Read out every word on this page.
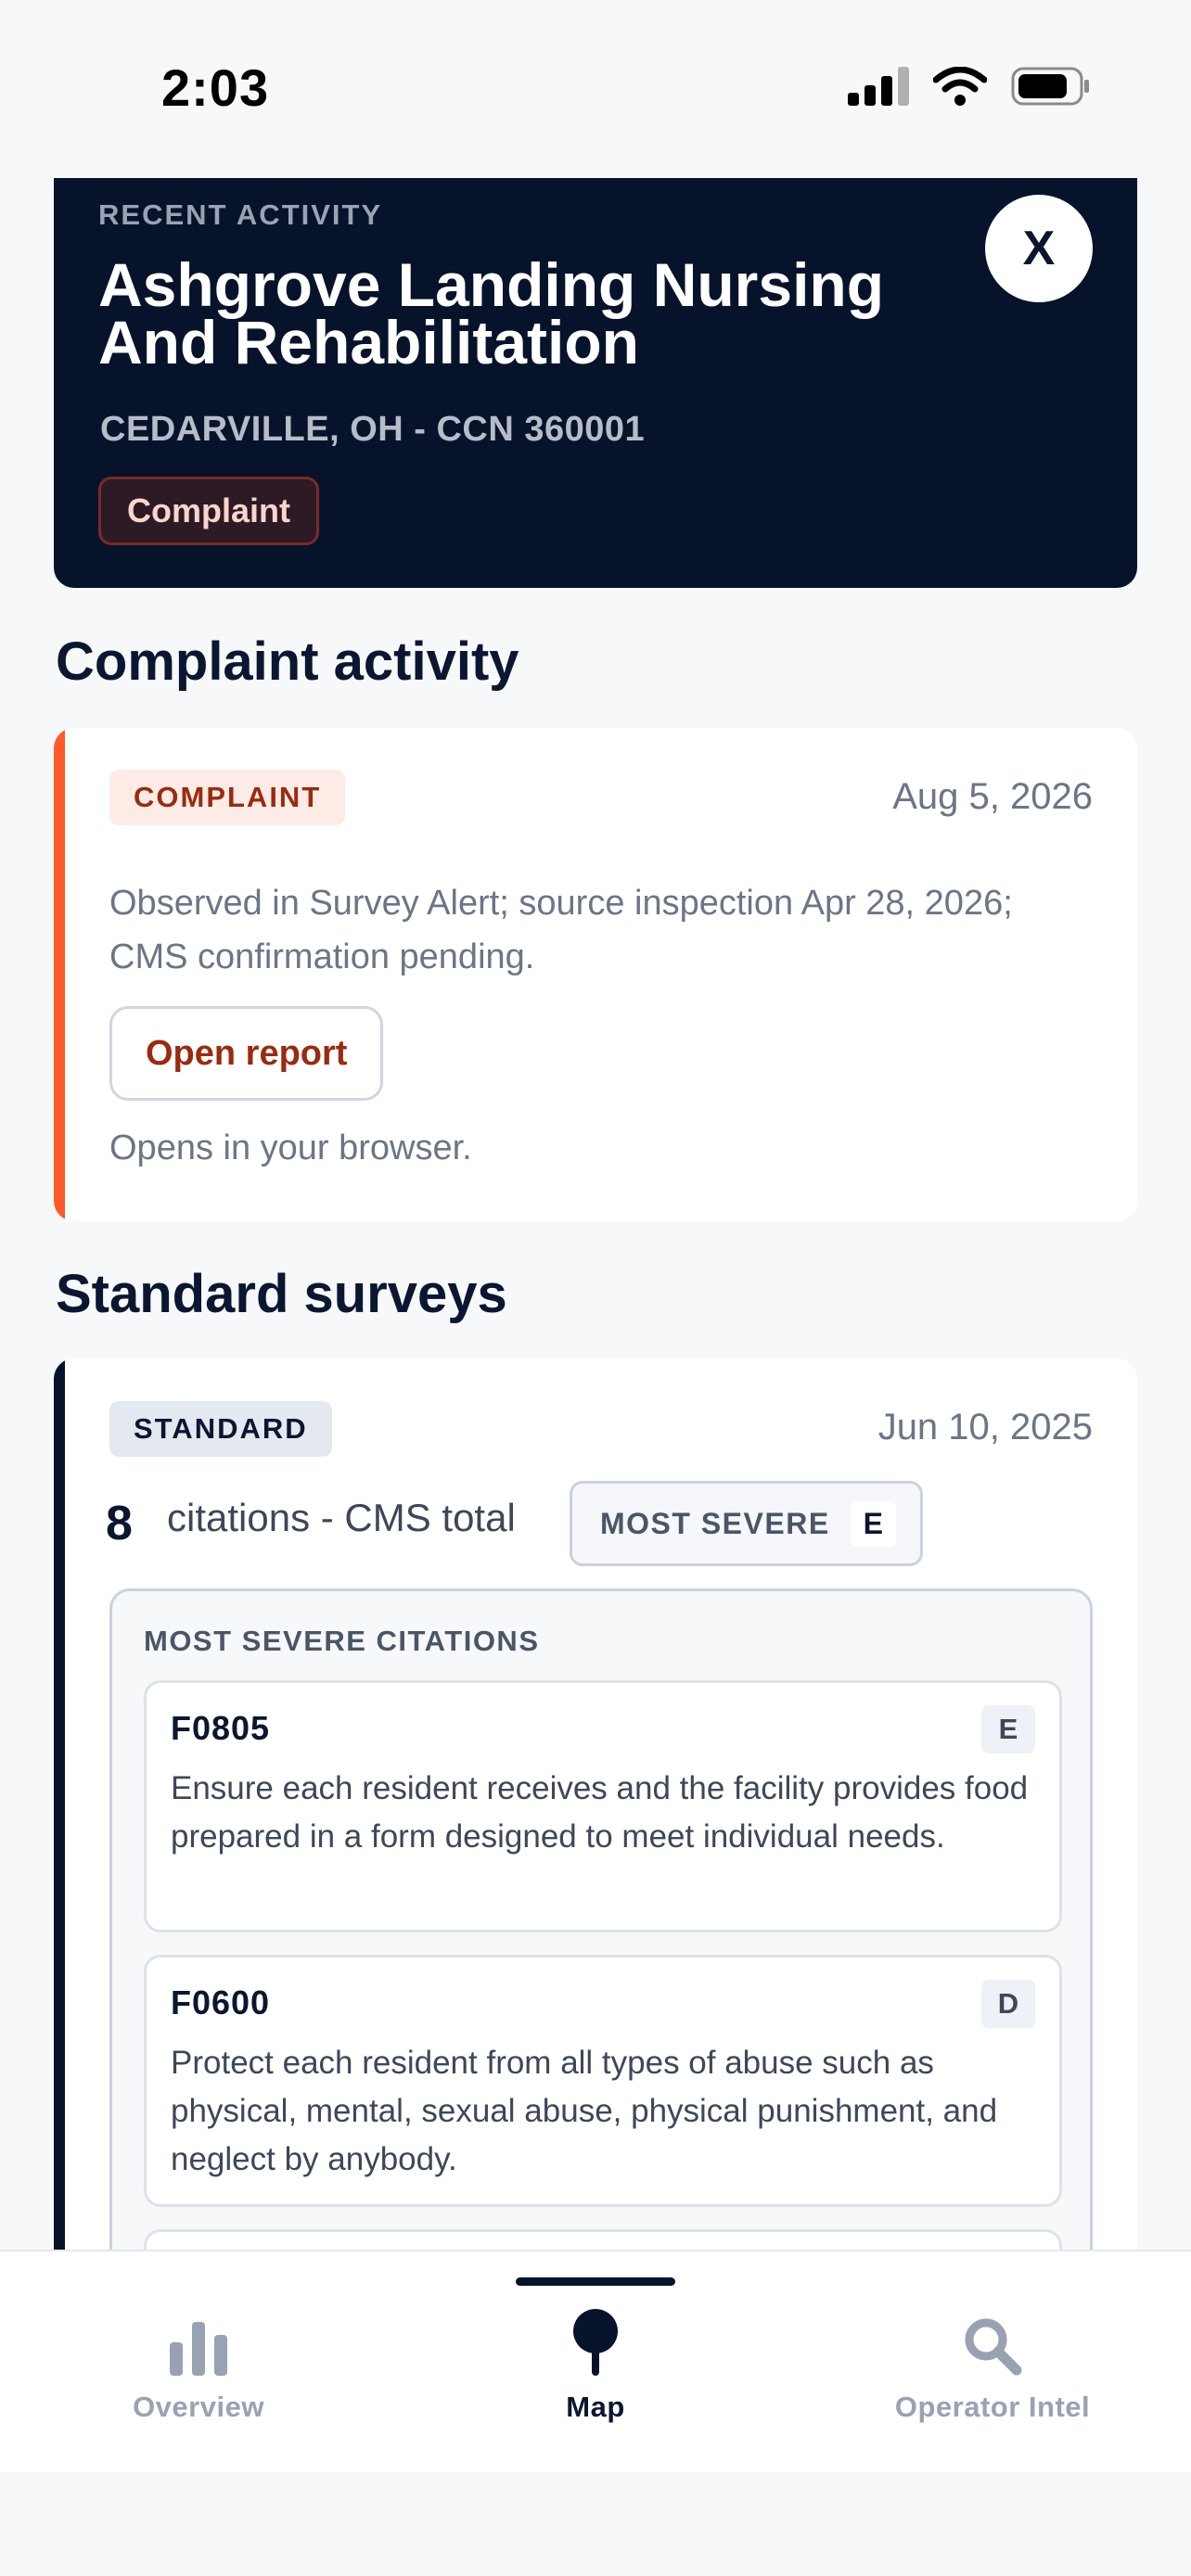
2:03
RECENT ACTIVITY
Ashgrove Landing Nursing And Rehabilitation
CEDARVILLE, OH - CCN 360001
Complaint
X
Complaint activity
COMPLAINT	Aug 5, 2026
Observed in Survey Alert; source inspection Apr 28, 2026; CMS confirmation pending.
Open report
Opens in your browser.
Standard surveys
STANDARD	Jun 10, 2025
8 citations - CMS total	MOST SEVERE	E
MOST SEVERE CITATIONS
F0805	E
Ensure each resident receives and the facility provides food prepared in a form designed to meet individual needs.
F0600	D
Protect each resident from all types of abuse such as physical, mental, sexual abuse, physical punishment, and neglect by anybody.
Overview	Map	Operator Intel
